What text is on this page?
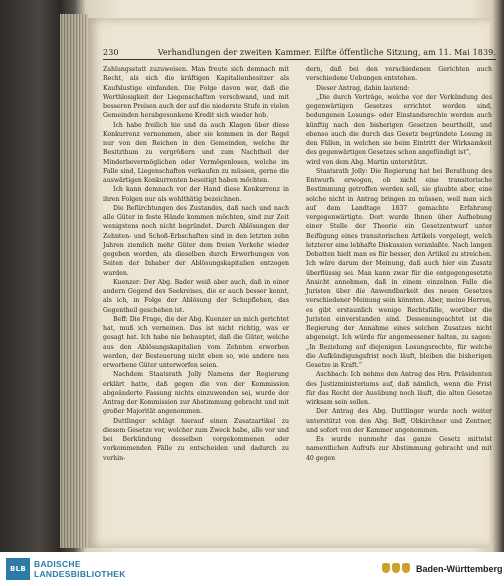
230	Verhandlungen der zweiten Kammer. Eilfte öffentliche Sitzung, am 11. Mai 1839.

Zahlungsstatt zuzuweisen. Man freute sich demnach mit Recht, als sich die kräftigen Kapitalienbesitzer als Kaufslustige einfanden. Die Folge davon war, daß die Werthlosigkeit der Liegenschaften verschwand, und mit besseren Preisen auch der auf die niederste Stufe in vielen Gemeinden herabgesunkene Kredit sich wieder hob.

Ich habe freilich hie und da auch Klagen über diese Konkurrenz vernommen, aber sie kommen in der Regel nur von den Reichen in den Gemeinden, welche ihr Besitzthum zu vergrößern und zum Nachtheil der Minderbevermöglichen oder Vermögenlosen, welche im Falle sind, Liegenschaften verkaufen zu müssen, gerne die auswärtigen Konkurrenten beseitigt haben möchten.

Ich kann demnach vor der Hand diese Konkurrenz in ihren Folgen nur als wohlthätig bezeichnen.

Die Befürchtungen des Zustandes, daß nach und nach alle Güter in feste Hände kommen möchten, sind zur Zeit wenigstens noch nicht begründet. Durch Ablösungen der Zehnten- und Schoß-Erbschaften sind in den letzten zehn Jahren ziemlich mehr Güter dem freien Verkehr wieder gegeben worden, als dieselben durch Erwerbungen von Seiten der Inhaber der Ablösungskapitalien entzogen wurden.

Kuenzer: Der Abg. Bader weiß aber auch, daß in einer andern Gegend des Seekreises, die er auch besser kennt, als ich, in Folge der Ablösung der Schupflehen, das Gegentheil geschehen ist.

Beff: Die Frage, die der Abg. Kuenzer an mich gerichtet hat, muß ich verneinen. Das ist nicht richtig, was er gesagt hat. Ich habe nie behauptet, daß die Güter, welche aus den Ablösungskapitalien vom Zehnten erworben werden, der Besteuerung nicht eben so, wie andere neu erworbene Güter unterworfen seien.

Nachdem Staatsrath Jolly Namens der Regierung erklärt hatte, daß gegen die von der Kommission abgeänderte Fassung nichts einzuwenden sei, wurde der Antrag der Kommission zur Abstimmung gebracht und mit großer Majorität angenommen.

Duttlinger schlägt hierauf einen Zusatzartikel zu diesem Gesetze vor, welcher zum Zweck habe, alle vor und bei Berkündung desselben vorgekommenen oder vorkommenden Fälle zu entscheiden und dadurch zu verhin-

dern, daß bei den verschiedenen Gerichten auch verschiedene Uebungen entstehen.

Dieser Antrag, dahin lautend:

„Die durch Verträge, welche vor der Verkündung des gegenwärtigen Gesetzes errichtet worden sind, bedungenen Losungs- oder Einstandsrechte werden auch künftig nach den bisherigen Gesetzen beurtheilt, und ebenso auch die durch das Gesetz begründete Losung in den Fällen, in welchen sie beim Eintritt der Wirksamkeit des gegenwärtigen Gesetzes schon angefündigt ist“,

wird von dem Abg. Martin unterstützt.

Staatsrath Jolly: Die Regierung hat bei Berathung des Entwurfs erwogen, ob nicht eine transitorische Bestimmung getroffen werden soll, sie glaubte aber, eine solche nicht in Antrag bringen zu müssen, weil man sich auf dem Landtage 1837 gemachte Erfahrung vergegenwärtigte. Dort wurde Ihnen über Aufhebung einer Stelle der Theorie ein Gesetzentwurf unter Beifügung eines transitorischen Artikels vorgelegt, welch letzterer eine lebhafte Diskussion veranlaßte. Nach langen Debatten hielt man es für besser, den Artikel zu streichen. Ich wäre darum der Meinung, daß auch hier ein Zusatz überflüssig sei. Man kann zwar für die entgegengesetzte Ansicht annehmen, daß in einem einzelnen Falle die Juristen über die Anwendbarkeit des neuen Gesetzes verschiedener Meinung sein könnten. Aber, meine Herren, es gibt erstaunlich wenige Rechtsfälle, worüber die Juristen einverstanden sind. Dessenungeachtet ist die Regierung der Annahme eines solchen Zusatzes nicht abgeneigt. Ich würde für angemessener halten, zu sagen: „In Beziehung auf diejenigen Losungsrechte, für welche die Aufkündigungsfrist noch läuft, bleiben die bisherigen Gesetze in Kraft.“

Aschbach: Ich nehme den Antrag des Hrn. Präsidenten des Justizministeriums auf, daß nämlich, wenn die Frist für das Recht der Ausübung noch läuft, die alten Gesetze wirksam sein sollen.

Der Antrag des Abg. Duttlinger wurde noch weiter unterstützt von den Abg. Beff, Obkirchner und Zentner, und sofort von der Kammer angenommen.

Es wurde nunmehr das ganze Gesetz mittelst namentlichen Aufrufs zur Abstimmung gebracht und mit 40 gegen

BLB BADISCHE
LANDESBIBLIOTHEK	Baden-Württemberg
